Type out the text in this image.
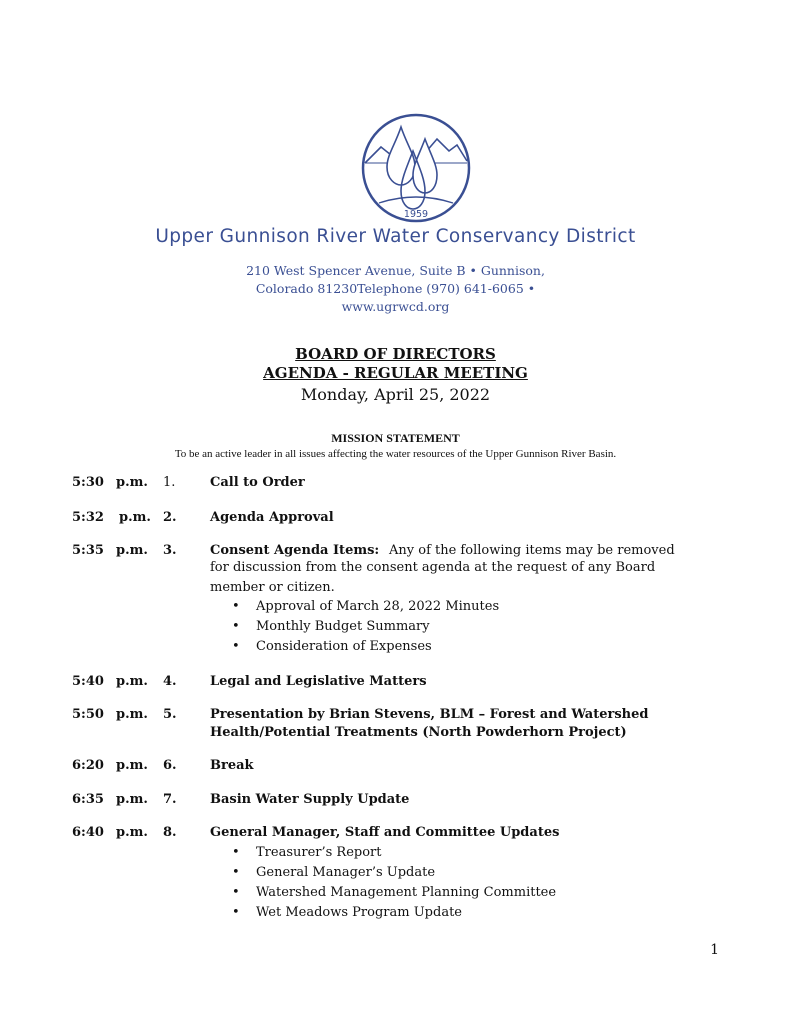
1959
Upper Gunnison River Water Conservancy District
210 West Spencer Avenue, Suite B • Gunnison,
Colorado 81230Telephone (970) 641-6065 •
www.ugrwcd.org
BOARD OF DIRECTORS
AGENDA - REGULAR MEETING
Monday, April 25, 2022
MISSION STATEMENT
To be an active leader in all issues affecting the water resources of the Upper Gunnison River Basin.
5:30 p.m. 1.	Call to Order
5:32 p.m. 2.	Agenda Approval
5:35 p.m. 3.	Consent Agenda Items: Any of the following items may be removed
for discussion from the consent agenda at the request of any Board
member or citizen.
• Approval of March 28, 2022 Minutes
• Monthly Budget Summary
• Consideration of Expenses
5:40 p.m. 4.	Legal and Legislative Matters
5:50 p.m. 5.	Presentation by Brian Stevens, BLM – Forest and Watershed
Health/Potential Treatments (North Powderhorn Project)
6:20 p.m. 6.	Break
6:35 p.m. 7.	Basin Water Supply Update
6:40 p.m. 8.	General Manager, Staff and Committee Updates
• Treasurer’s Report
• General Manager’s Update
• Watershed Management Planning Committee
• Wet Meadows Program Update
1
